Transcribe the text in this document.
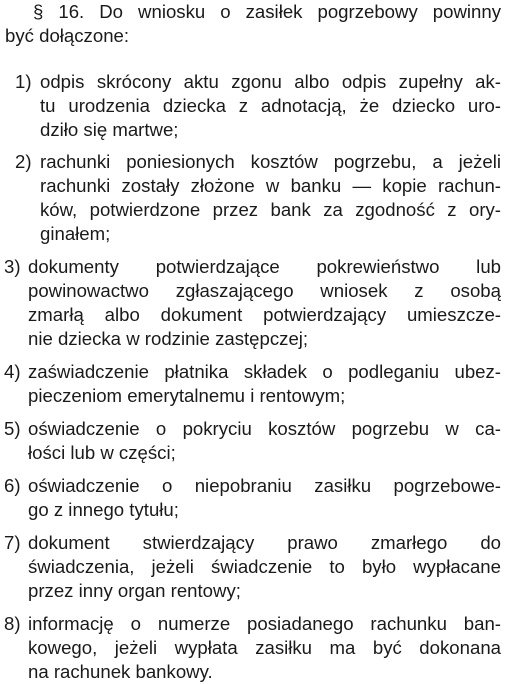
§ 16. Do wniosku o zasiłek pogrzebowy powinny
być dołączone:
1) odpis skrócony aktu zgonu albo odpis zupełny ak-
tu urodzenia dziecka z adnotacją, że dziecko uro-
dziło się martwe;
2) rachunki poniesionych kosztów pogrzebu, a jeżeli
rachunki zostały złożone w banku — kopie rachun-
ków, potwierdzone przez bank za zgodność z ory-
ginałem;
3) dokumenty potwierdzające pokrewieństwo lub
powinowactwo zgłaszającego wniosek z osobą
zmarłą albo dokument potwierdzający umieszcze-
nie dziecka w rodzinie zastępczej;
4) zaświadczenie płatnika składek o podleganiu ubez-
pieczeniom emerytalnemu i rentowym;
5) oświadczenie o pokryciu kosztów pogrzebu w ca-
łości lub w części;
6) oświadczenie o niepobraniu zasiłku pogrzebowe-
go z innego tytułu;
7) dokument stwierdzający prawo zmarłego do
świadczenia, jeżeli świadczenie to było wypłacane
przez inny organ rentowy;
8) informację o numerze posiadanego rachunku ban-
kowego, jeżeli wypłata zasiłku ma być dokonana
na rachunek bankowy.
